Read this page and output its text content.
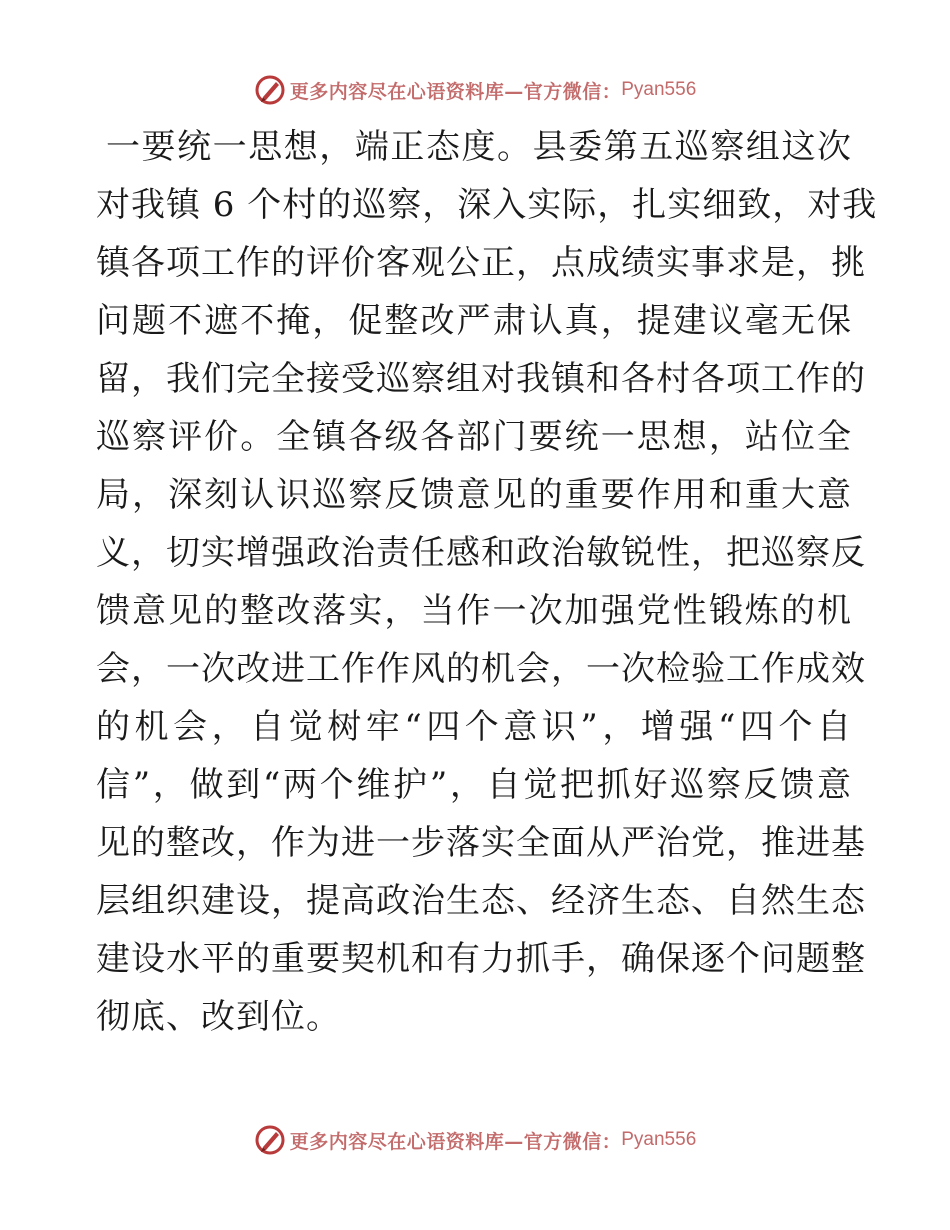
更多内容尽在心语资料库—官方微信： Pyan556
一要统一思想，端正态度。县委第五巡察组这次
对我镇 6 个村的巡察，深入实际，扎实细致，对我
镇各项工作的评价客观公正，点成绩实事求是，挑
问题不遮不掩，促整改严肃认真，提建议毫无保
留，我们完全接受巡察组对我镇和各村各项工作的
巡察评价。全镇各级各部门要统一思想，站位全
局，深刻认识巡察反馈意见的重要作用和重大意
义，切实增强政治责任感和政治敏锐性，把巡察反
馈意见的整改落实，当作一次加强党性锻炼的机
会，一次改进工作作风的机会，一次检验工作成效
的机会，自觉树牢“四个意识”，增强“四个自
信”，做到“两个维护”，自觉把抓好巡察反馈意
见的整改，作为进一步落实全面从严治党，推进基
层组织建设，提高政治生态、经济生态、自然生态
建设水平的重要契机和有力抓手，确保逐个问题整
彻底、改到位。
更多内容尽在心语资料库—官方微信： Pyan556
